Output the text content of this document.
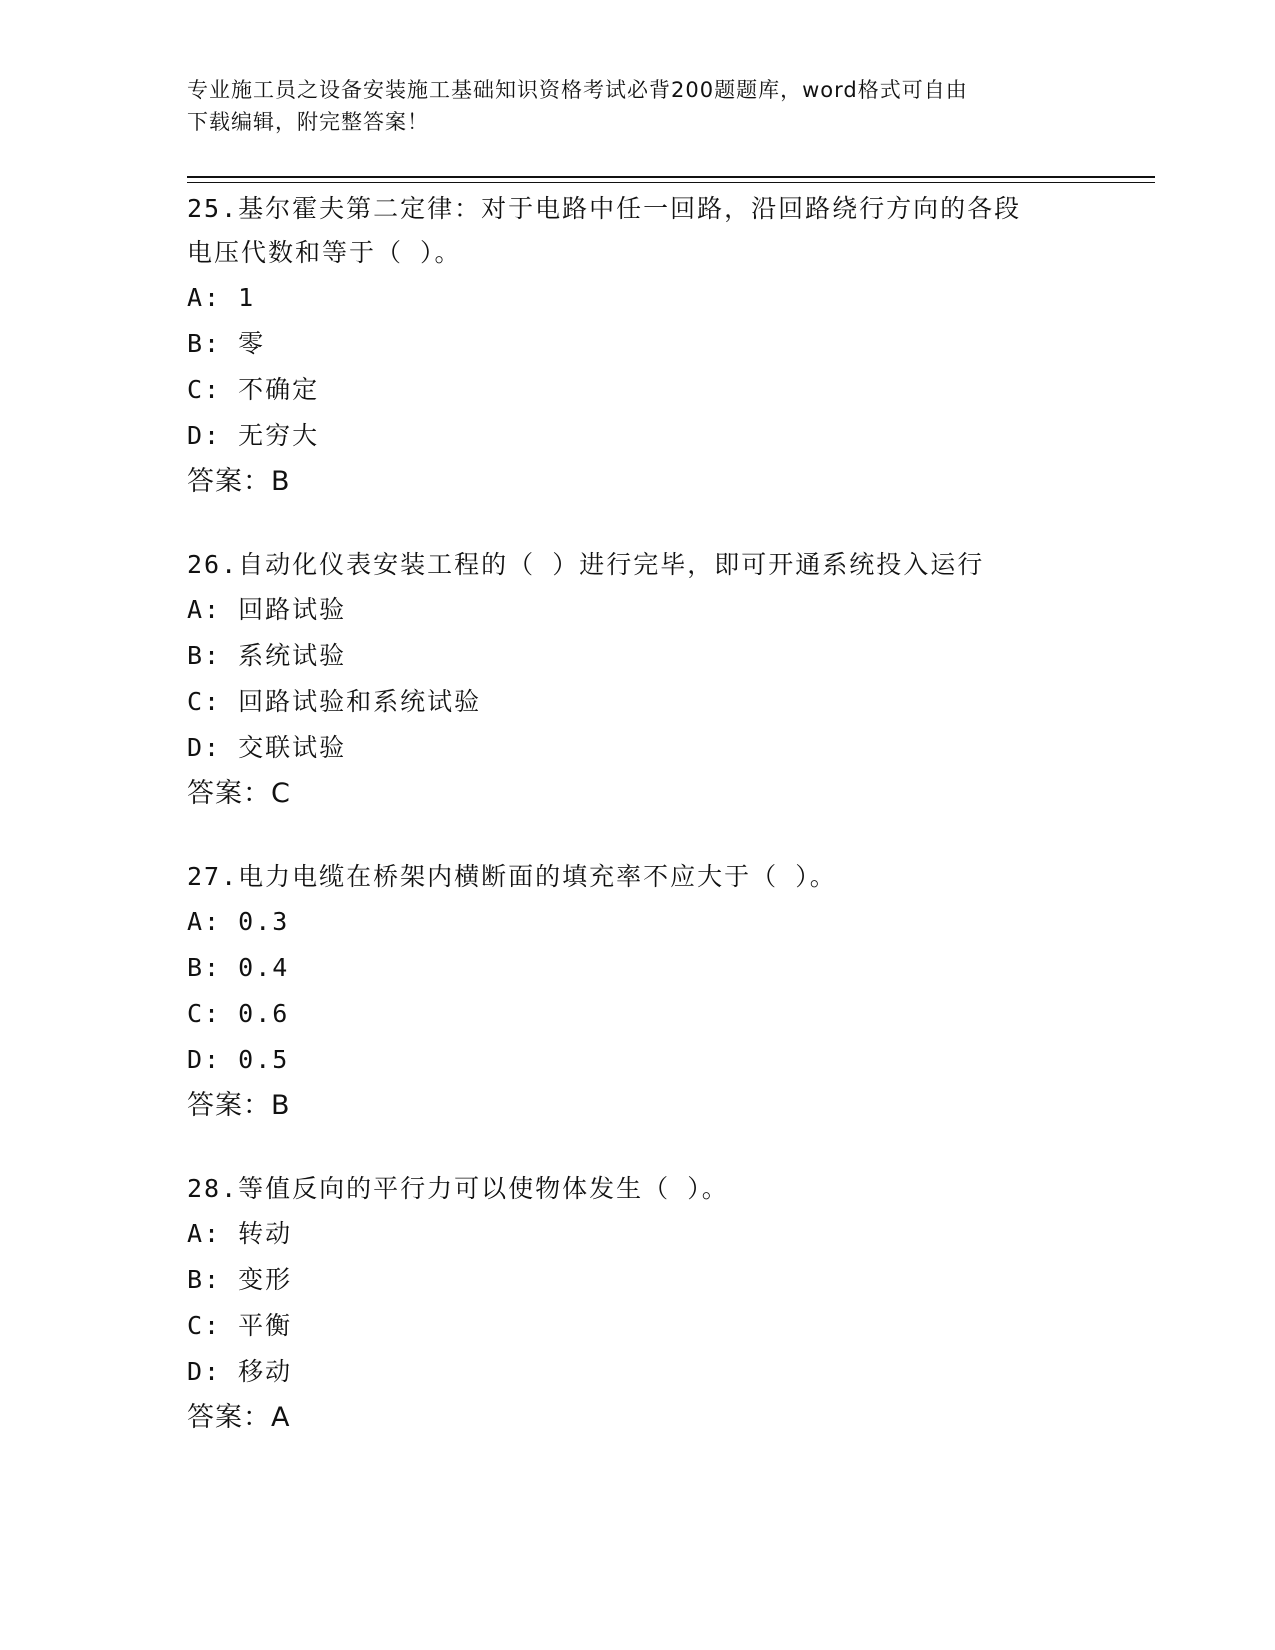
专业施工员之设备安装施工基础知识资格考试必背200题题库，word格式可自由
下载编辑，附完整答案！
25.基尔霍夫第二定律：对于电路中任一回路，沿回路绕行方向的各段
电压代数和等于（ ）。
A: 1
B: 零
C: 不确定
D: 无穷大
答案：B
26.自动化仪表安装工程的（ ）进行完毕，即可开通系统投入运行
A: 回路试验
B: 系统试验
C: 回路试验和系统试验
D: 交联试验
答案：C
27.电力电缆在桥架内横断面的填充率不应大于（ ）。
A: 0.3
B: 0.4
C: 0.6
D: 0.5
答案：B
28.等值反向的平行力可以使物体发生（ ）。
A: 转动
B: 变形
C: 平衡
D: 移动
答案：A
